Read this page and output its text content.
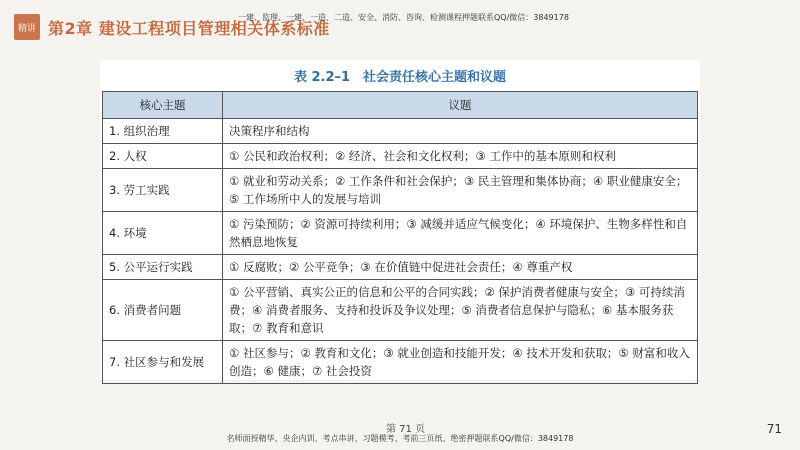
精讲 第2章 建设工程项目管理相关体系标准
一建、监理、一建、一造、二造、安全、消防、咨询、检测课程押题联系QQ/微信：3849178
表 2.2–1　社会责任核心主题和议题
核心主题	议题
1. 组织治理	决策程序和结构
2. 人权	① 公民和政治权利；② 经济、社会和文化权利；③ 工作中的基本原则和权利
3. 劳工实践	① 就业和劳动关系；② 工作条件和社会保护；③ 民主管理和集体协商；④ 职业健康安全；⑤ 工作场所中人的发展与培训
4. 环境	① 污染预防；② 资源可持续利用；③ 减缓并适应气候变化；④ 环境保护、生物多样性和自然栖息地恢复
5. 公平运行实践	① 反腐败；② 公平竞争；③ 在价值链中促进社会责任；④ 尊重产权
6. 消费者问题	① 公平营销、真实公正的信息和公平的合同实践；② 保护消费者健康与安全；③ 可持续消费；④ 消费者服务、支持和投诉及争议处理；⑤ 消费者信息保护与隐私；⑥ 基本服务获取；⑦ 教育和意识
7. 社区参与和发展	① 社区参与；② 教育和文化；③ 就业创造和技能开发；④ 技术开发和获取；⑤ 财富和收入创造；⑥ 健康；⑦ 社会投资
第 71 页
名师面授精华、央企内训、考点串讲、习题模考、考前三页纸、绝密押题联系QQ/微信：3849178
71
